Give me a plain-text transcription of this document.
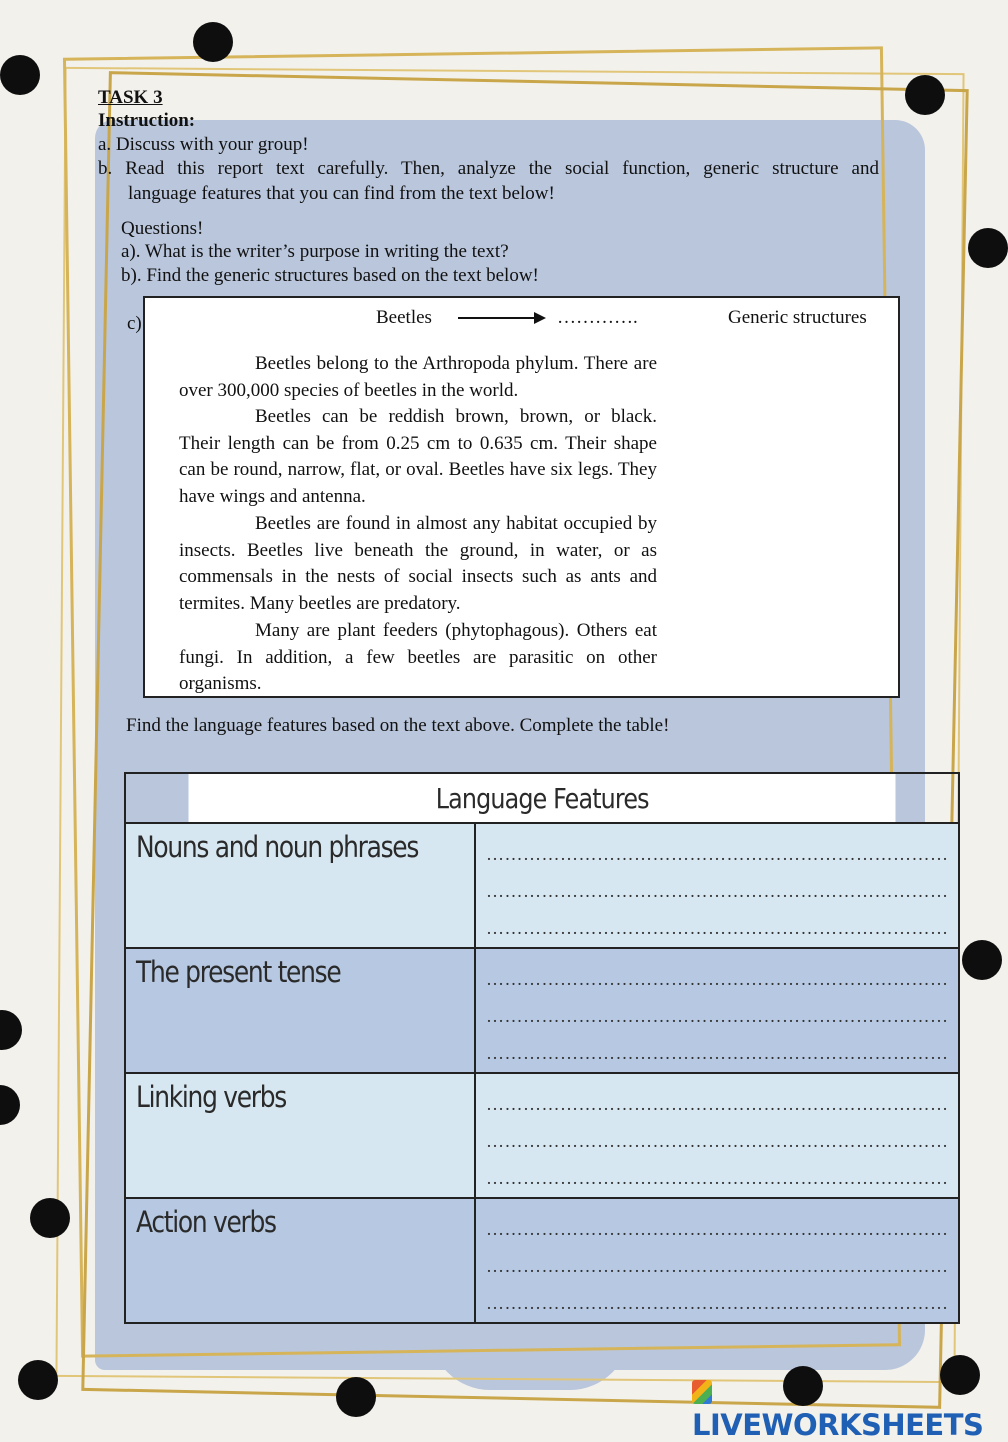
TASK 3
Instruction:
a. Discuss with your group!
b. Read this report text carefully. Then, analyze the social function, generic structure and
language features that you can find from the text below!
Questions!
a). What is the writer’s purpose in writing the text?
b). Find the generic structures based on the text below!
c)	Beetles	………….	Generic structures
Beetles belong to the Arthropoda phylum. There are over 300,000 species of beetles in the world.
Beetles can be reddish brown, brown, or black. Their length can be from 0.25 cm to 0.635 cm. Their shape can be round, narrow, flat, or oval. Beetles have six legs. They have wings and antenna.
Beetles are found in almost any habitat occupied by insects. Beetles live beneath the ground, in water, or as commensals in the nests of social insects such as ants and termites. Many beetles are predatory.
Many are plant feeders (phytophagous). Others eat fungi. In addition, a few beetles are parasitic on other organisms.
Find the language features based on the text above. Complete the table!
Language Features	
Nouns and noun phrases	…………………………………………………………………
…………………………………………………………………
…………………………………………………………………

The present tense	…………………………………………………………………
…………………………………………………………………
…………………………………………………………………

Linking verbs	…………………………………………………………………
…………………………………………………………………
…………………………………………………………………

Action verbs	…………………………………………………………………
…………………………………………………………………
…………………………………………………………………
LIVEWORKSHEETS
